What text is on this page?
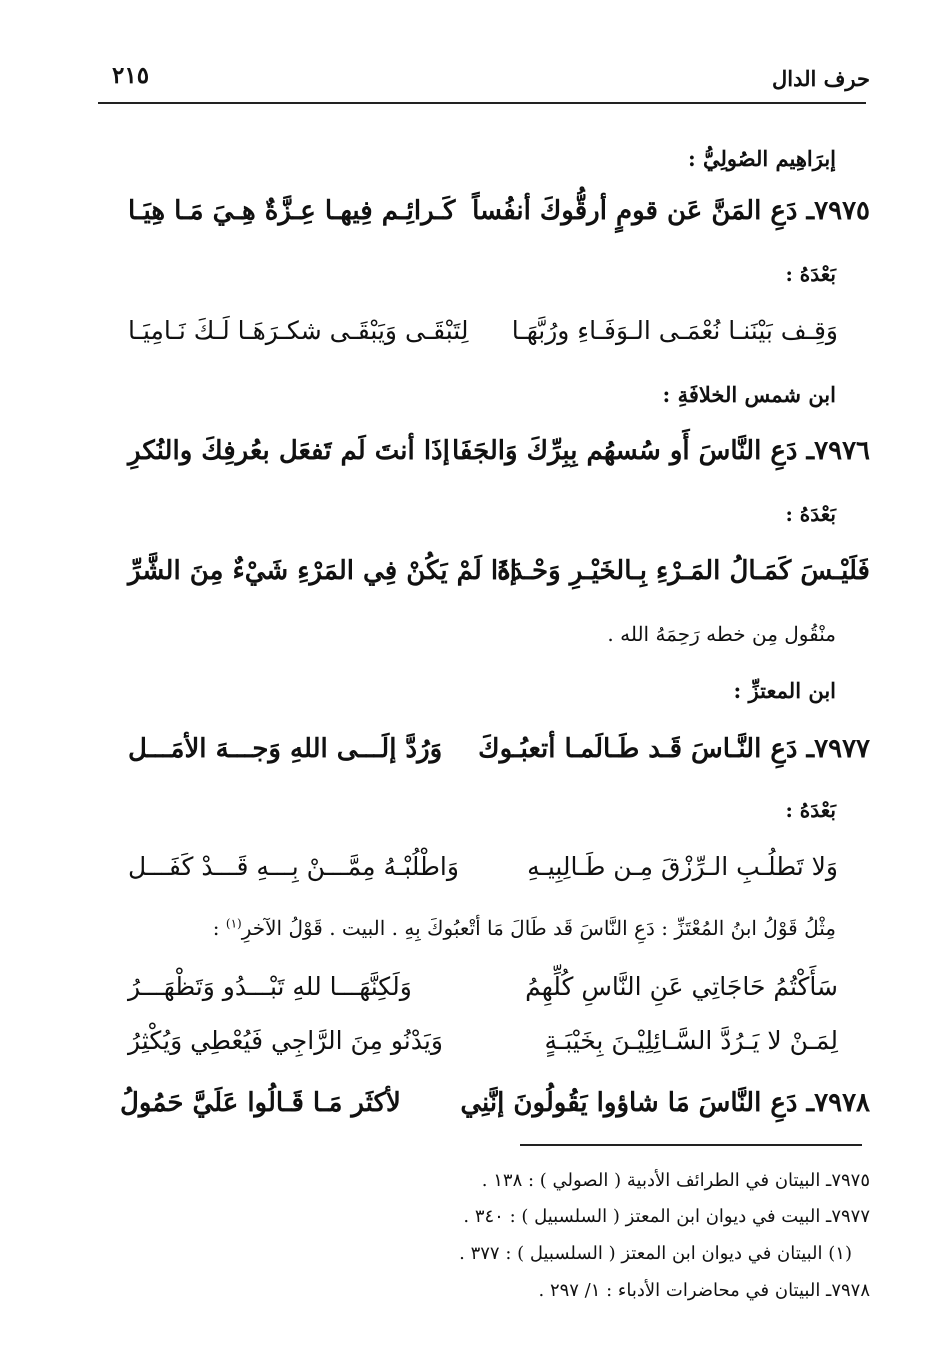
حرف الدال
٢١٥
إبرَاهِيم الصُولِيُّ :
٧٩٧٥ـ دَعِ المَنَّ عَن قومٍ أرقُّوكَ أنفُساً
كَـرائِـم فِيهـا عِـزَّةٌ هِـيَ مَـا هِيَـا
بَعْدَهُ :
وَقِـف بَيْنَنـا نُعْمَـى الـوَفَـاءِ ورُبَّهَـا
لِتَبْقَـى وَيَبْقَـى شكـرَهَـا لَـكَ نَـامِيَـا
ابن شمس الخلافَةِ :
٧٩٧٦ـ دَعِ النَّاسَ أَو سُسهُم بِبِرِّكَ وَالجَفَا
إذَا أنتَ لَم تَفعَل بعُرفِكَ والنُكرِ
بَعْدَهُ :
فَلَيْـسَ كَمَـالُ المَـرْءِ بِـالخَيْـرِ وَحْـدَهُ
إذَا لَمْ يَكُنْ فِي المَرْءِ شَيْءٌ مِنَ الشَّرِّ
منْقُول مِن خطه رَحِمَهُ الله .
ابن المعتزِّ :
٧٩٧٧ـ دَعِ النَّـاسَ قَـد طَـالَمـا أتعبُـوكَ
وَرُدَّ إلَـــى اللهِ وَجـــهَ الأمَـــل
بَعْدَهُ :
وَلا تَطلُـبِ الـرِّزْقَ مِـن طَـالِبِيـهِ
وَاطْلُبْـهُ مِمَّـــنْ بِـــهِ قَـــدْ كَفَـــل
مِثْلُ قَوْلُ ابنُ المُعْتَزِّ : دَعِ النَّاسَ قَد طَالَ مَا أتْعبُوكَ بِهِ . البيت . قَوْلُ الآخرِ$^{(١)}$ :
سَأَكْتُمُ حَاجَاتِي عَنِ النَّاسِ كُلِّهِمُ
وَلَكِنَّهَـــا للهِ تَبْـــدُو وَتَظْهَـــرُ
لِمَـنْ لا يَـرُدَّ السَّـائِلِيْـنَ بِخَيْبَـةٍ
وَيَدْنُو مِنَ الرَّاجِي فَيُعْطِي وَيُكْثِرُ
٧٩٧٨ـ دَعِ النَّاسَ مَا شاؤوا يَقُولُونَ إنَّنِي
لأكثَر مَـا قَـالُوا عَلَيَّ حَمُولُ
٧٩٧٥ـ البيتان في الطرائف الأدبية ( الصولي ) : ١٣٨ .
٧٩٧٧ـ البيت في ديوان ابن المعتز ( السلسبيل ) : ٣٤٠ .
(١) البيتان في ديوان ابن المعتز ( السلسبيل ) : ٣٧٧ .
٧٩٧٨ـ البيتان في محاضرات الأدباء : ١/ ٢٩٧ .
